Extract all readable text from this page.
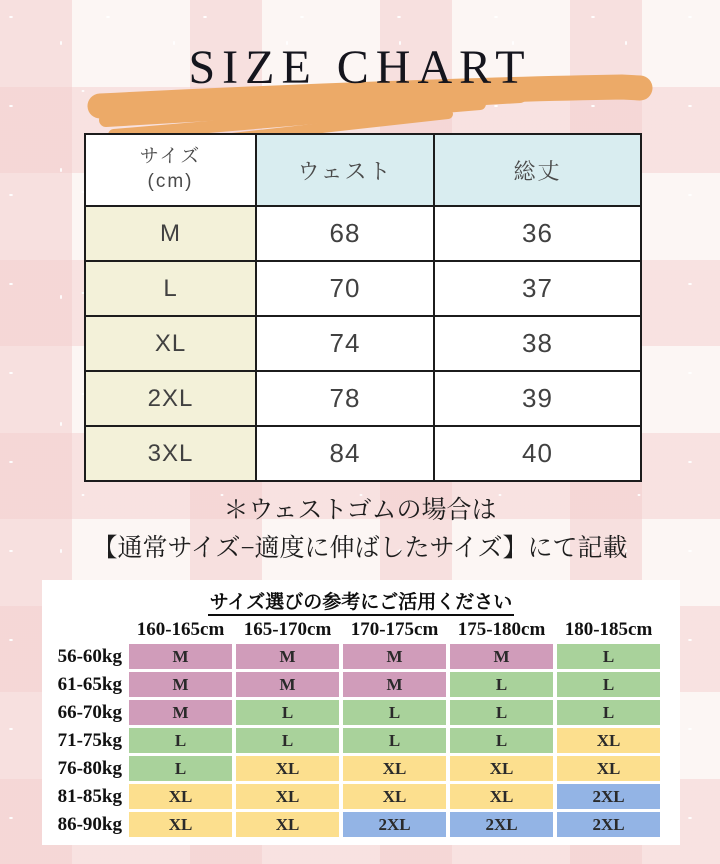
SIZE CHART
サイズ
(cm)	ウェスト	総丈
M	68	36
L	70	37
XL	74	38
2XL	78	39
3XL	84	40
＊ウェストゴムの場合は
【通常サイズ−適度に伸ばしたサイズ】にて記載
サイズ選びの参考にご活用ください
160-165cm	165-170cm	170-175cm	175-180cm	180-185cm
56-60kg	M	M	M	M	L
61-65kg	M	M	M	L	L
66-70kg	M	L	L	L	L
71-75kg	L	L	L	L	XL
76-80kg	L	XL	XL	XL	XL
81-85kg	XL	XL	XL	XL	2XL
86-90kg	XL	XL	2XL	2XL	2XL
